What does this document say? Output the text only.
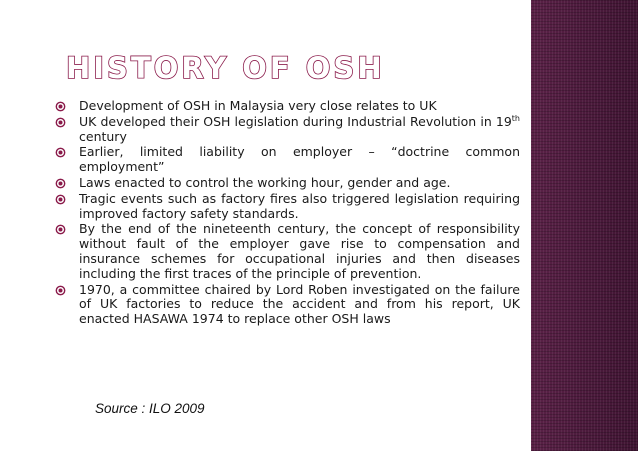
HISTORY OF OSH
Development of OSH in Malaysia very close relates to UK
UK developed their OSH legislation during Industrial Revolution in 19th century
Earlier, limited liability on employer – “doctrine common employment”
Laws enacted to control the working hour, gender and age.
Tragic events such as factory fires also triggered legislation requiring improved factory safety standards.
By the end of the nineteenth century, the concept of responsibility without fault of the employer gave rise to compensation and insurance schemes for occupational injuries and then diseases including the first traces of the principle of prevention.
1970, a committee chaired by Lord Roben investigated on the failure of UK factories to reduce the accident and from his report, UK enacted HASAWA 1974 to replace other OSH laws
Source : ILO 2009
